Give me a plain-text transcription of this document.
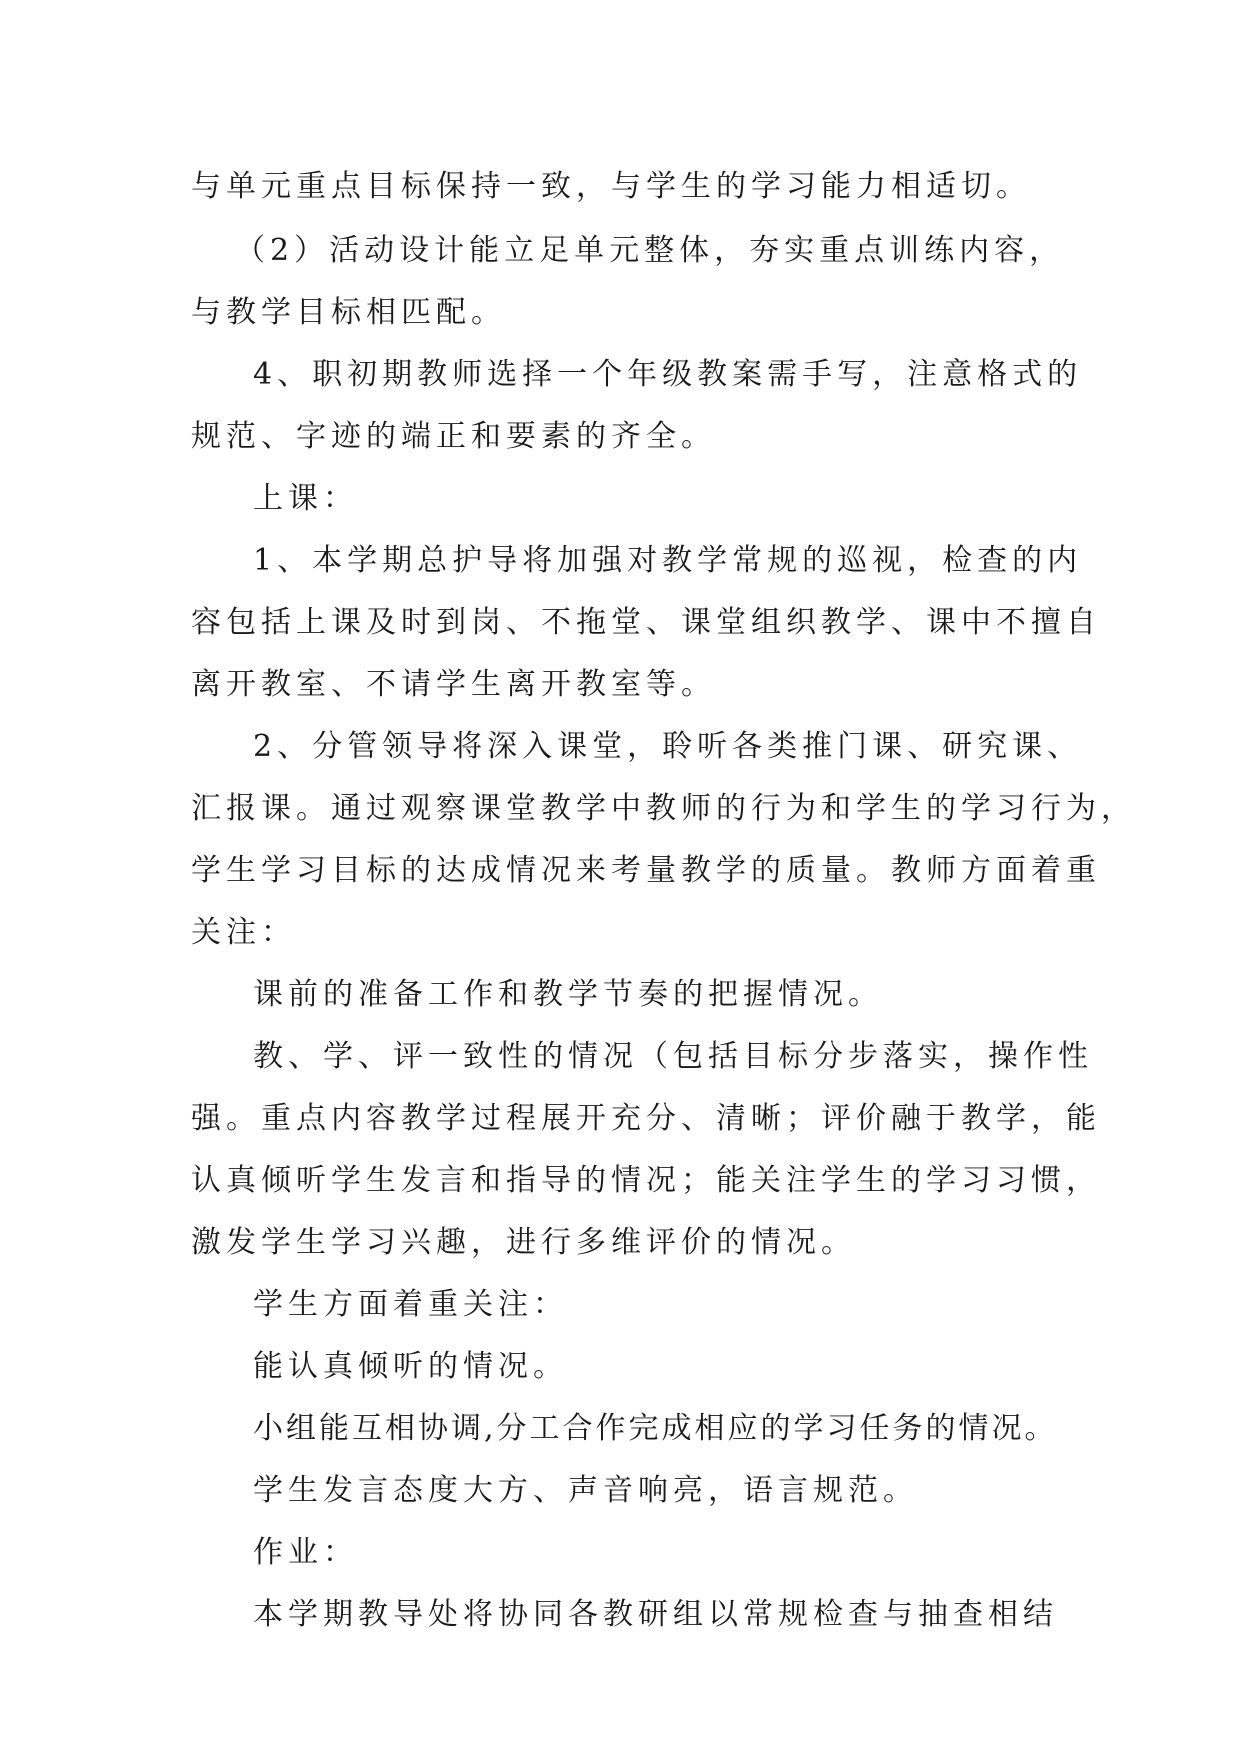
与单元重点目标保持一致，与学生的学习能力相适切。
（2）活动设计能立足单元整体，夯实重点训练内容，
与教学目标相匹配。
4、职初期教师选择一个年级教案需手写，注意格式的
规范、字迹的端正和要素的齐全。
上课：
1、本学期总护导将加强对教学常规的巡视，检查的内
容包括上课及时到岗、不拖堂、课堂组织教学、课中不擅自
离开教室、不请学生离开教室等。
2、分管领导将深入课堂，聆听各类推门课、研究课、
汇报课。通过观察课堂教学中教师的行为和学生的学习行为，
学生学习目标的达成情况来考量教学的质量。教师方面着重
关注：
课前的准备工作和教学节奏的把握情况。
教、学、评一致性的情况（包括目标分步落实，操作性
强。重点内容教学过程展开充分、清晰；评价融于教学，能
认真倾听学生发言和指导的情况；能关注学生的学习习惯，
激发学生学习兴趣，进行多维评价的情况。
学生方面着重关注：
能认真倾听的情况。
小组能互相协调,分工合作完成相应的学习任务的情况。
学生发言态度大方、声音响亮，语言规范。
作业：
本学期教导处将协同各教研组以常规检查与抽查相结
